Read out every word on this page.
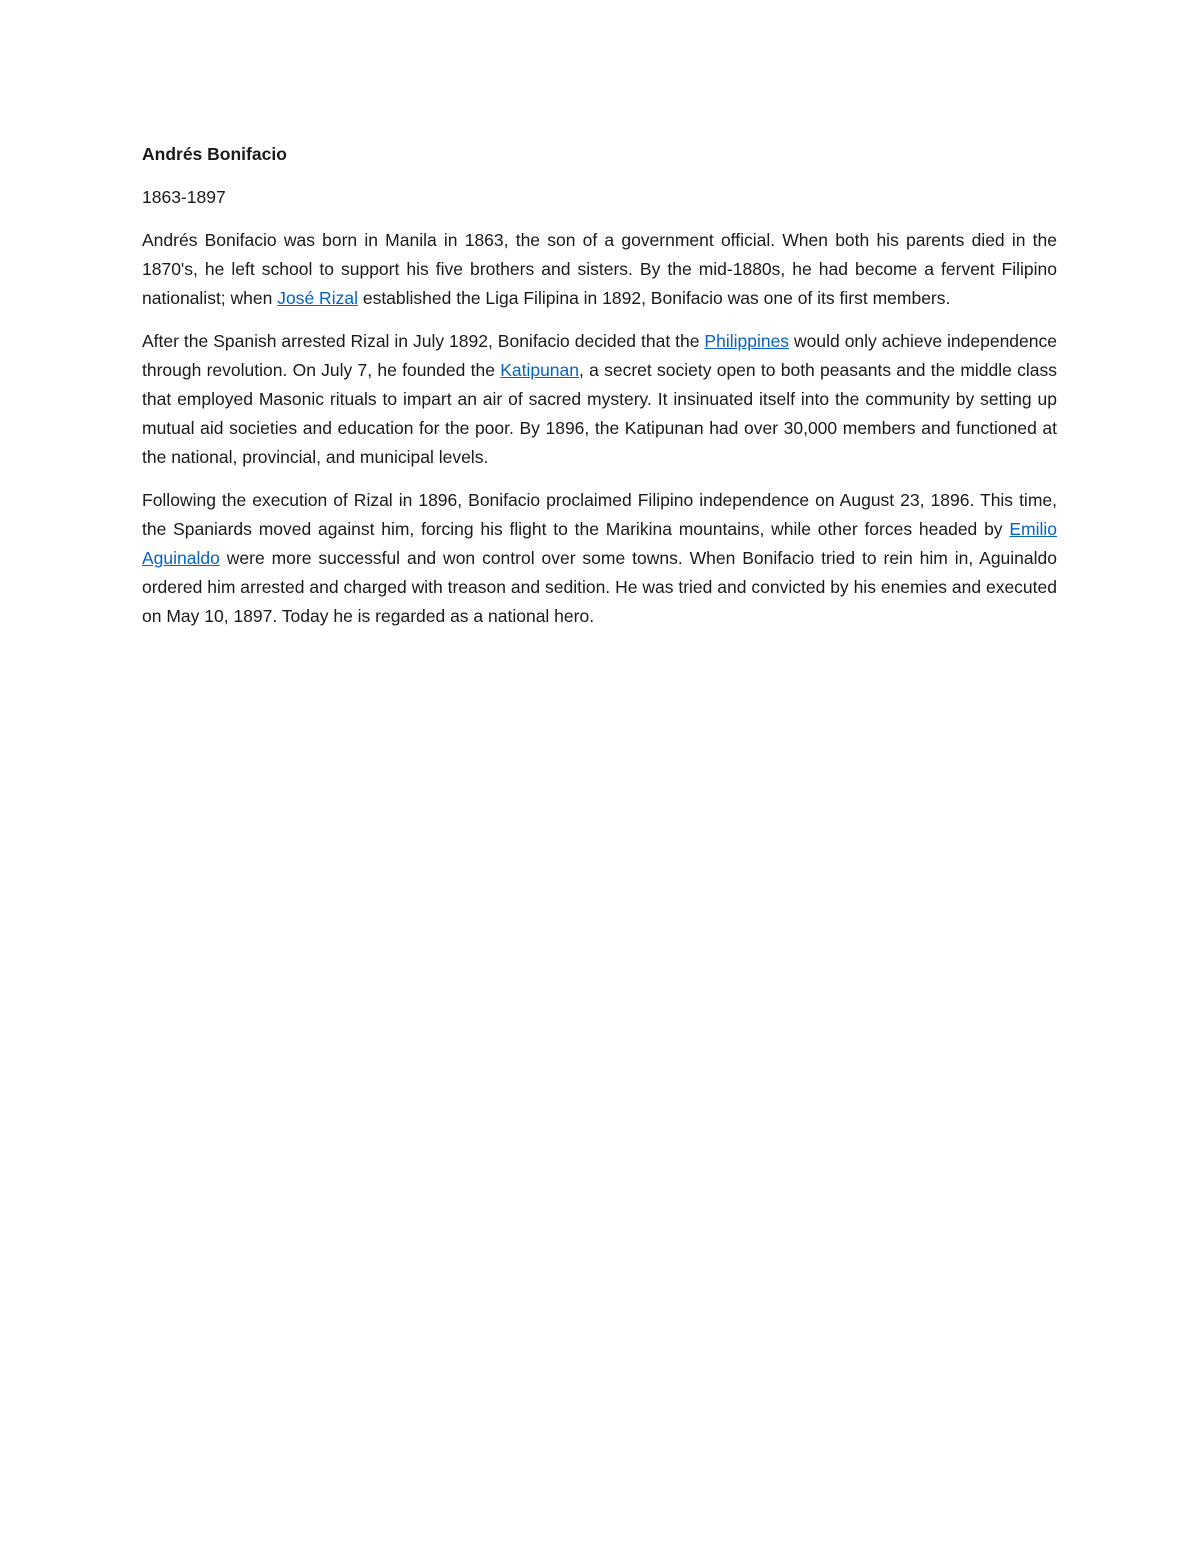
Andrés Bonifacio
1863-1897

Andrés Bonifacio was born in Manila in 1863, the son of a government official. When both his parents died in the 1870's, he left school to support his five brothers and sisters. By the mid-1880s, he had become a fervent Filipino nationalist; when José Rizal established the Liga Filipina in 1892, Bonifacio was one of its first members.

After the Spanish arrested Rizal in July 1892, Bonifacio decided that the Philippines would only achieve independence through revolution. On July 7, he founded the Katipunan, a secret society open to both peasants and the middle class that employed Masonic rituals to impart an air of sacred mystery. It insinuated itself into the community by setting up mutual aid societies and education for the poor. By 1896, the Katipunan had over 30,000 members and functioned at the national, provincial, and municipal levels.

Following the execution of Rizal in 1896, Bonifacio proclaimed Filipino independence on August 23, 1896. This time, the Spaniards moved against him, forcing his flight to the Marikina mountains, while other forces headed by Emilio Aguinaldo were more successful and won control over some towns. When Bonifacio tried to rein him in, Aguinaldo ordered him arrested and charged with treason and sedition. He was tried and convicted by his enemies and executed on May 10, 1897. Today he is regarded as a national hero.
